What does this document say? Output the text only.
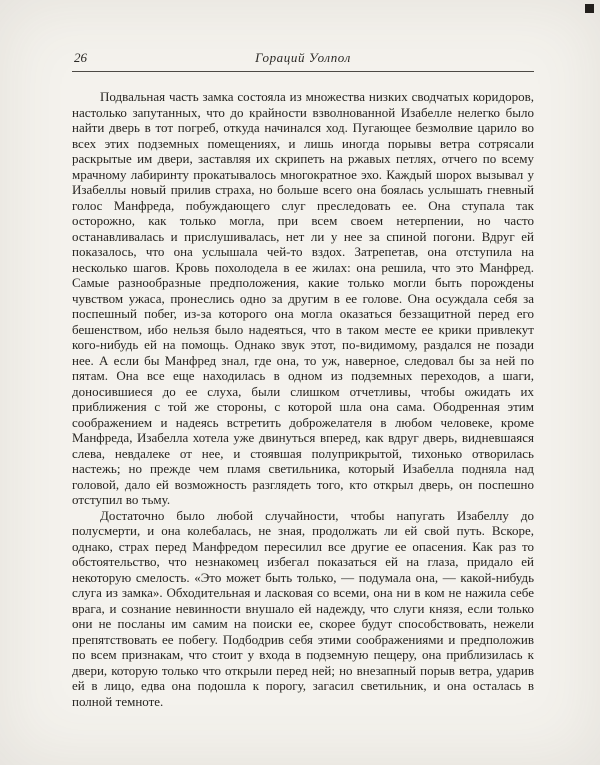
26	Гораций Уолпол

Подвальная часть замка состояла из множества низких сводчатых коридоров, настолько запутанных, что до крайности взволнованной Изабелле нелегко было найти дверь в тот погреб, откуда начинался ход. Пугающее безмолвие царило во всех этих подземных помещениях, и лишь иногда порывы ветра сотрясали раскрытые им двери, заставляя их скрипеть на ржавых петлях, отчего по всему мрачному лабиринту прокатывалось многократное эхо. Каждый шорох вызывал у Изабеллы новый прилив страха, но больше всего она боялась услышать гневный голос Манфреда, побуждающего слуг преследовать ее. Она ступала так осторожно, как только могла, при всем своем нетерпении, но часто останавливалась и прислушивалась, нет ли у нее за спиной погони. Вдруг ей показалось, что она услышала чей-то вздох. Затрепетав, она отступила на несколько шагов. Кровь похолодела в ее жилах: она решила, что это Манфред. Самые разнообразные предположения, какие только могли быть порождены чувством ужаса, пронеслись одно за другим в ее голове. Она осуждала себя за поспешный побег, из-за которого она могла оказаться беззащитной перед его бешенством, ибо нельзя было надеяться, что в таком месте ее крики привлекут кого-нибудь ей на помощь. Однако звук этот, по-видимому, раздался не позади нее. А если бы Манфред знал, где она, то уж, наверное, следовал бы за ней по пятам. Она все еще находилась в одном из подземных переходов, а шаги, доносившиеся до ее слуха, были слишком отчетливы, чтобы ожидать их приближения с той же стороны, с которой шла она сама. Ободренная этим соображением и надеясь встретить доброжелателя в любом человеке, кроме Манфреда, Изабелла хотела уже двинуться вперед, как вдруг дверь, видневшаяся слева, невдалеке от нее, и стоявшая полуприкрытой, тихонько отворилась настежь; но прежде чем пламя светильника, который Изабелла подняла над головой, дало ей возможность разглядеть того, кто открыл дверь, он поспешно отступил во тьму.

Достаточно было любой случайности, чтобы напугать Изабеллу до полусмерти, и она колебалась, не зная, продолжать ли ей свой путь. Вскоре, однако, страх перед Манфредом пересилил все другие ее опасения. Как раз то обстоятельство, что незнакомец избегал показаться ей на глаза, придало ей некоторую смелость. «Это может быть только, — подумала она, — какой-нибудь слуга из замка». Обходительная и ласковая со всеми, она ни в ком не нажила себе врага, и сознание невинности внушало ей надежду, что слуги князя, если только они не посланы им самим на поиски ее, скорее будут способствовать, нежели препятствовать ее побегу. Подбодрив себя этими соображениями и предположив по всем признакам, что стоит у входа в подземную пещеру, она приблизилась к двери, которую только что открыли перед ней; но внезапный порыв ветра, ударив ей в лицо, едва она подошла к порогу, загасил светильник, и она осталась в полной темноте.
